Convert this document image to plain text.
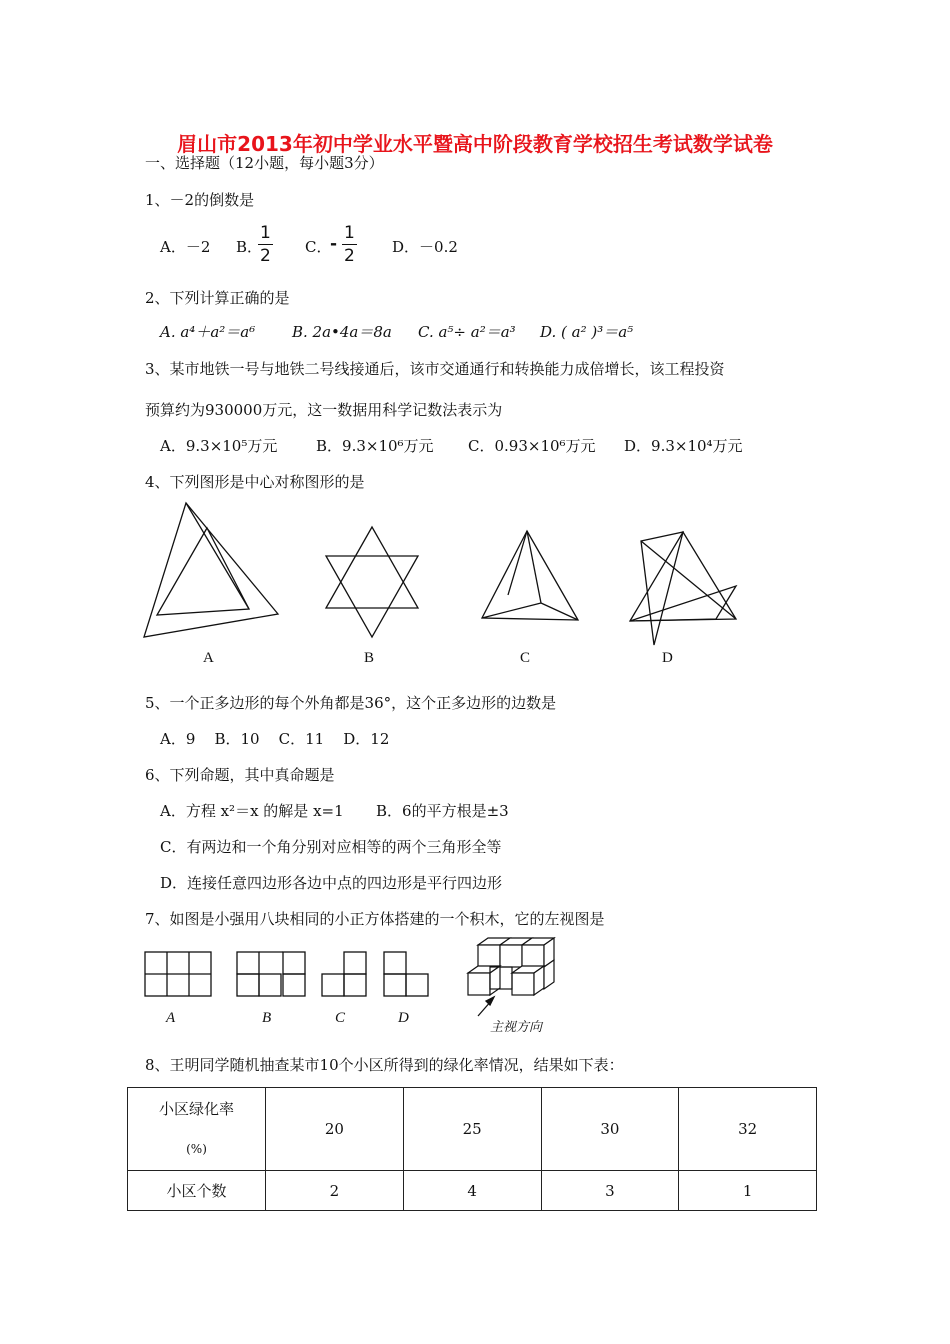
眉山市2013年初中学业水平暨高中阶段教育学校招生考试数学试卷
一、选择题（12小题，每小题3分）
1、－2的倒数是
A．－2 B．
$\frac{1}{2}$ C．
- $\frac{1}{2}$ D．－0.2
2、下列计算正确的是
A. a⁴＋a²＝a⁶ B. 2a•4a＝8a C. a⁵÷ a²＝a³ D. ( a² )³＝a⁵
3、某市地铁一号与地铁二号线接通后，该市交通通行和转换能力成倍增长，该工程投资
预算约为930000万元，这一数据用科学记数法表示为
A．9.3×10⁵万元	B．9.3×10⁶万元 C．0.93×10⁶万元 D．9.3×10⁴万元
4、下列图形是中心对称图形的是
A	B	C	D
5、一个正多边形的每个外角都是36°，这个正多边形的边数是
A．9    B．10    C．11    D．12
6、下列命题，其中真命题是
A．方程 x²＝x 的解是 x=1 B．6的平方根是±3
C．有两边和一个角分别对应相等的两个三角形全等
D．连接任意四边形各边中点的四边形是平行四边形
7、如图是小强用八块相同的小正方体搭建的一个积木，它的左视图是
A	B	C	D
主视方向
8、王明同学随机抽查某市10个小区所得到的绿化率情况，结果如下表：
小区绿化率
(%)	20	25	30	32
小区个数	2	4	3	1
